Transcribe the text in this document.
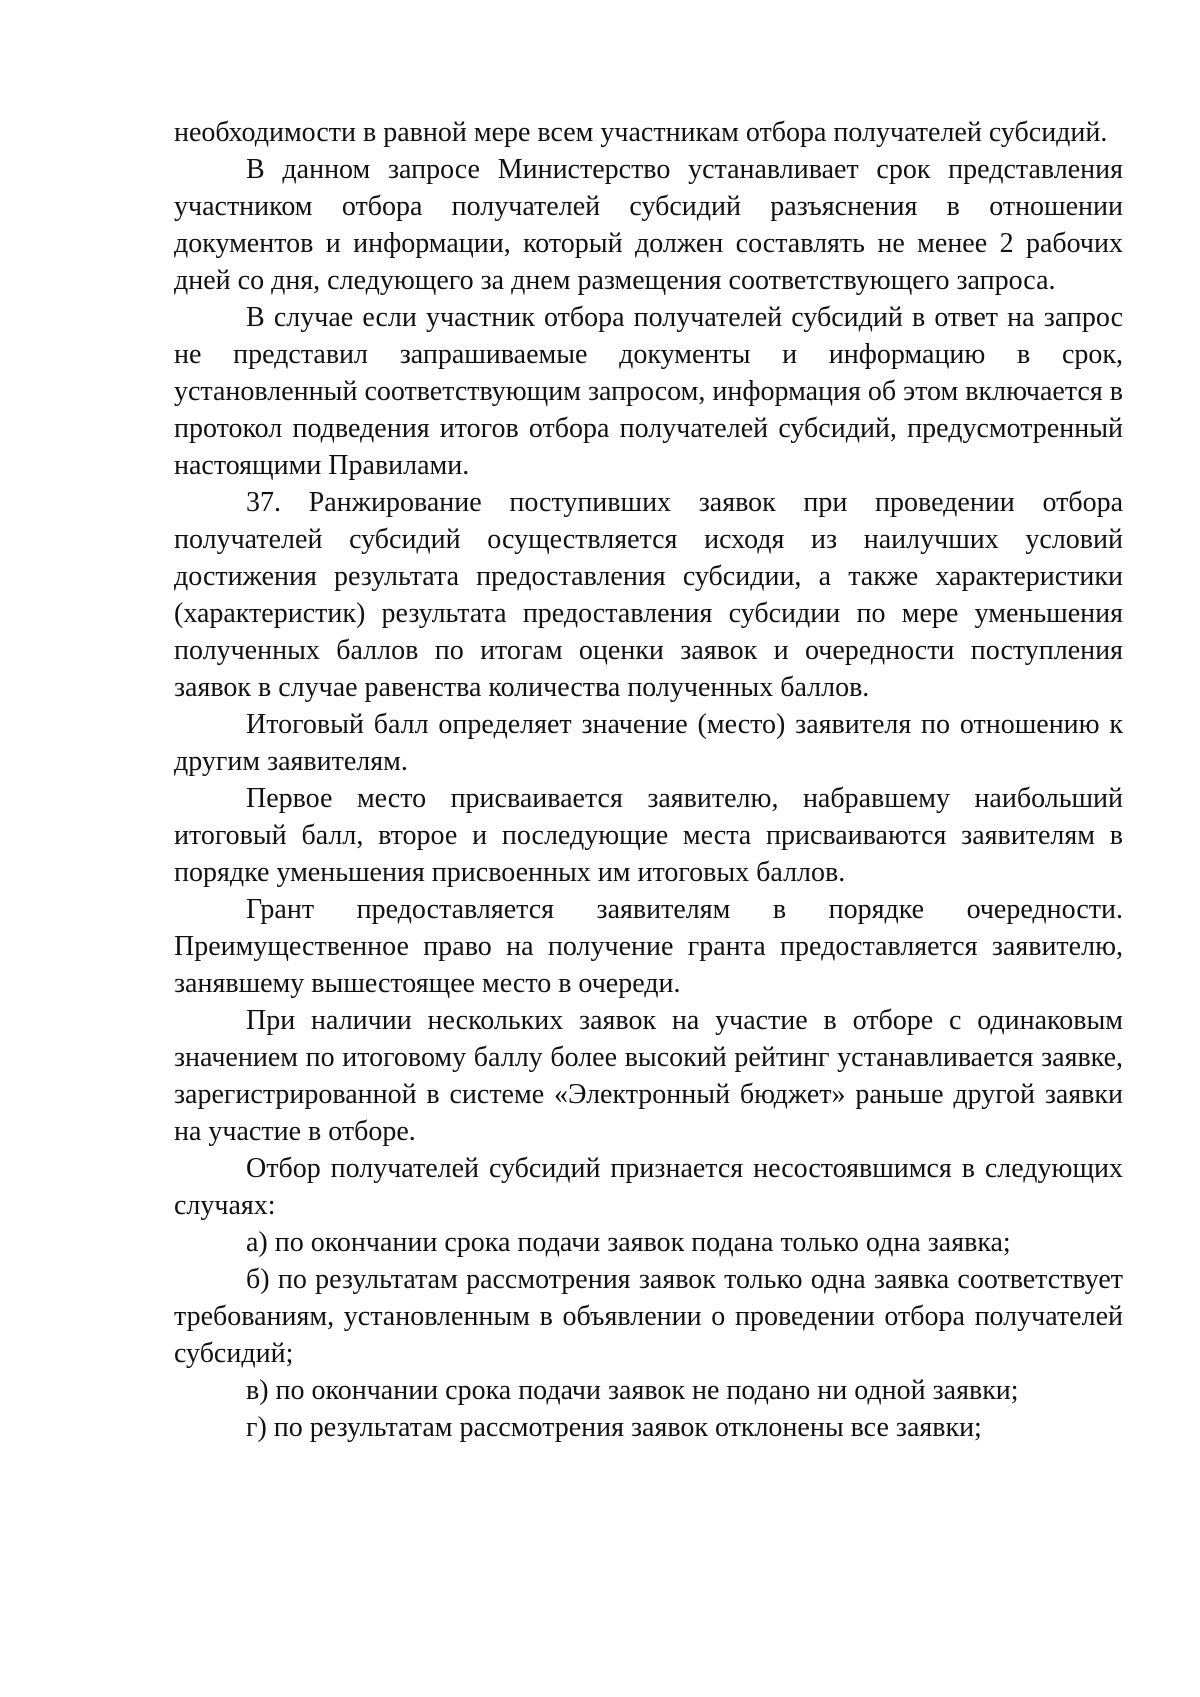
необходимости в равной мере всем участникам отбора получателей субсидий.

В данном запросе Министерство устанавливает срок представления участником отбора получателей субсидий разъяснения в отношении документов и информации, который должен составлять не менее 2 рабочих дней со дня, следующего за днем размещения соответствующего запроса.

В случае если участник отбора получателей субсидий в ответ на запрос не представил запрашиваемые документы и информацию в срок, установленный соответствующим запросом, информация об этом включается в протокол подведения итогов отбора получателей субсидий, предусмотренный настоящими Правилами.

37. Ранжирование поступивших заявок при проведении отбора получателей субсидий осуществляется исходя из наилучших условий достижения результата предоставления субсидии, а также характеристики (характеристик) результата предоставления субсидии по мере уменьшения полученных баллов по итогам оценки заявок и очередности поступления заявок в случае равенства количества полученных баллов.

Итоговый балл определяет значение (место) заявителя по отношению к другим заявителям.

Первое место присваивается заявителю, набравшему наибольший итоговый балл, второе и последующие места присваиваются заявителям в порядке уменьшения присвоенных им итоговых баллов.

Грант предоставляется заявителям в порядке очередности. Преимущественное право на получение гранта предоставляется заявителю, занявшему вышестоящее место в очереди.

При наличии нескольких заявок на участие в отборе с одинаковым значением по итоговому баллу более высокий рейтинг устанавливается заявке, зарегистрированной в системе «Электронный бюджет» раньше другой заявки на участие в отборе.

Отбор получателей субсидий признается несостоявшимся в следующих случаях:

а) по окончании срока подачи заявок подана только одна заявка;

б) по результатам рассмотрения заявок только одна заявка соответствует требованиям, установленным в объявлении о проведении отбора получателей субсидий;

в) по окончании срока подачи заявок не подано ни одной заявки;

г) по результатам рассмотрения заявок отклонены все заявки;
